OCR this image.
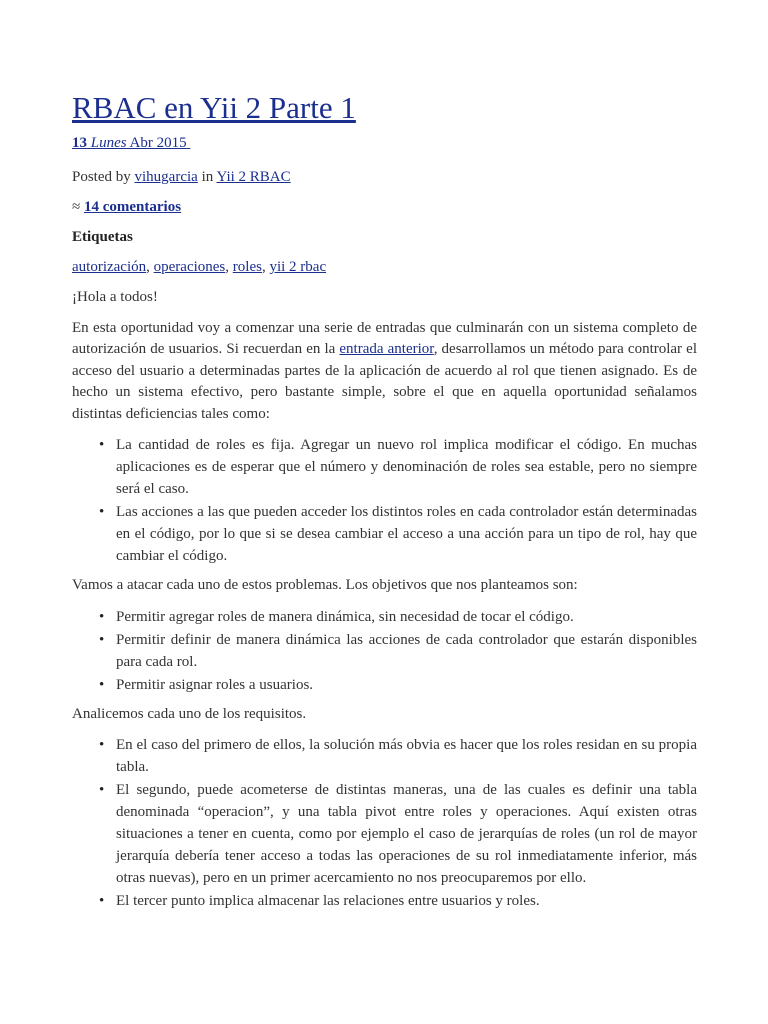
RBAC en Yii 2 Parte 1
13 Lunes Abr 2015
Posted by vihugarcia in Yii 2 RBAC
≈ 14 comentarios
Etiquetas
autorización, operaciones, roles, yii 2 rbac

¡Hola a todos!

En esta oportunidad voy a comenzar una serie de entradas que culminarán con un sistema completo de autorización de usuarios. Si recuerdan en la entrada anterior, desarrollamos un método para controlar el acceso del usuario a determinadas partes de la aplicación de acuerdo al rol que tienen asignado. Es de hecho un sistema efectivo, pero bastante simple, sobre el que en aquella oportunidad señalamos distintas deficiencias tales como:

• La cantidad de roles es fija. Agregar un nuevo rol implica modificar el código. En muchas aplicaciones es de esperar que el número y denominación de roles sea estable, pero no siempre será el caso.
• Las acciones a las que pueden acceder los distintos roles en cada controlador están determinadas en el código, por lo que si se desea cambiar el acceso a una acción para un tipo de rol, hay que cambiar el código.

Vamos a atacar cada uno de estos problemas. Los objetivos que nos planteamos son:

• Permitir agregar roles de manera dinámica, sin necesidad de tocar el código.
• Permitir definir de manera dinámica las acciones de cada controlador que estarán disponibles para cada rol.
• Permitir asignar roles a usuarios.

Analicemos cada uno de los requisitos.

• En el caso del primero de ellos, la solución más obvia es hacer que los roles residan en su propia tabla.
• El segundo, puede acometerse de distintas maneras, una de las cuales es definir una tabla denominada “operacion”, y una tabla pivot entre roles y operaciones. Aquí existen otras situaciones a tener en cuenta, como por ejemplo el caso de jerarquías de roles (un rol de mayor jerarquía debería tener acceso a todas las operaciones de su rol inmediatamente inferior, más otras nuevas), pero en un primer acercamiento no nos preocuparemos por ello.
• El tercer punto implica almacenar las relaciones entre usuarios y roles.
